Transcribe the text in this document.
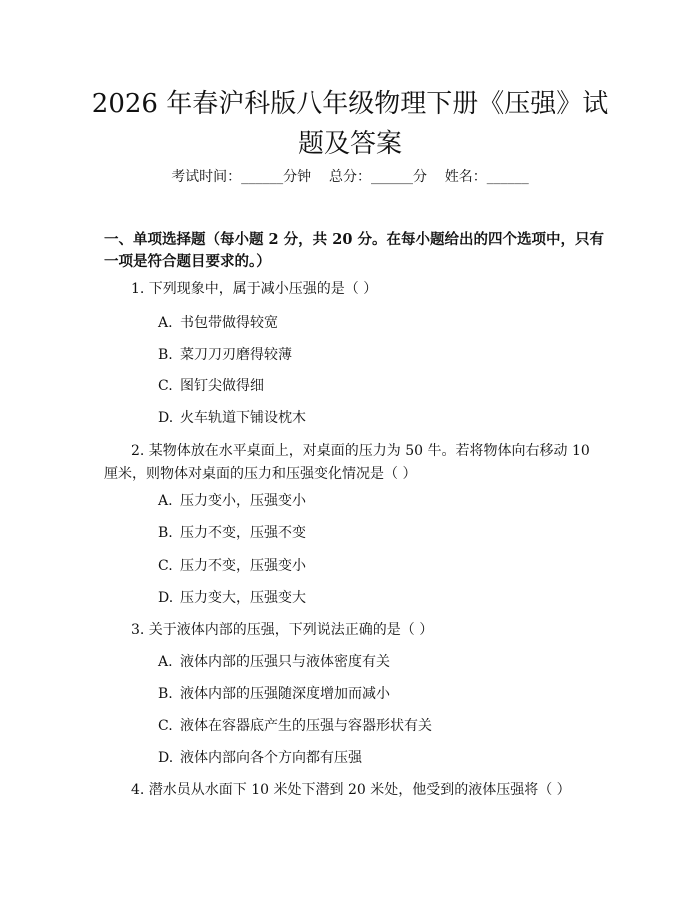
2026 年春沪科版八年级物理下册《压强》试题及答案
考试时间：______分钟    总分：______分    姓名：______

一、单项选择题（每小题 2 分，共 20 分。在每小题给出的四个选项中，只有一项是符合题目要求的。）

1. 下列现象中，属于减小压强的是（ ）

A. 书包带做得较宽
B. 菜刀刀刃磨得较薄
C. 图钉尖做得细
D. 火车轨道下铺设枕木

2. 某物体放在水平桌面上，对桌面的压力为 50 牛。若将物体向右移动 10 厘米，则物体对桌面的压力和压强变化情况是（ ）

A. 压力变小，压强变小
B. 压力不变，压强不变
C. 压力不变，压强变小
D. 压力变大，压强变大

3. 关于液体内部的压强，下列说法正确的是（ ）

A. 液体内部的压强只与液体密度有关
B. 液体内部的压强随深度增加而减小
C. 液体在容器底产生的压强与容器形状有关
D. 液体内部向各个方向都有压强

4. 潜水员从水面下 10 米处下潜到 20 米处，他受到的液体压强将（ ）
